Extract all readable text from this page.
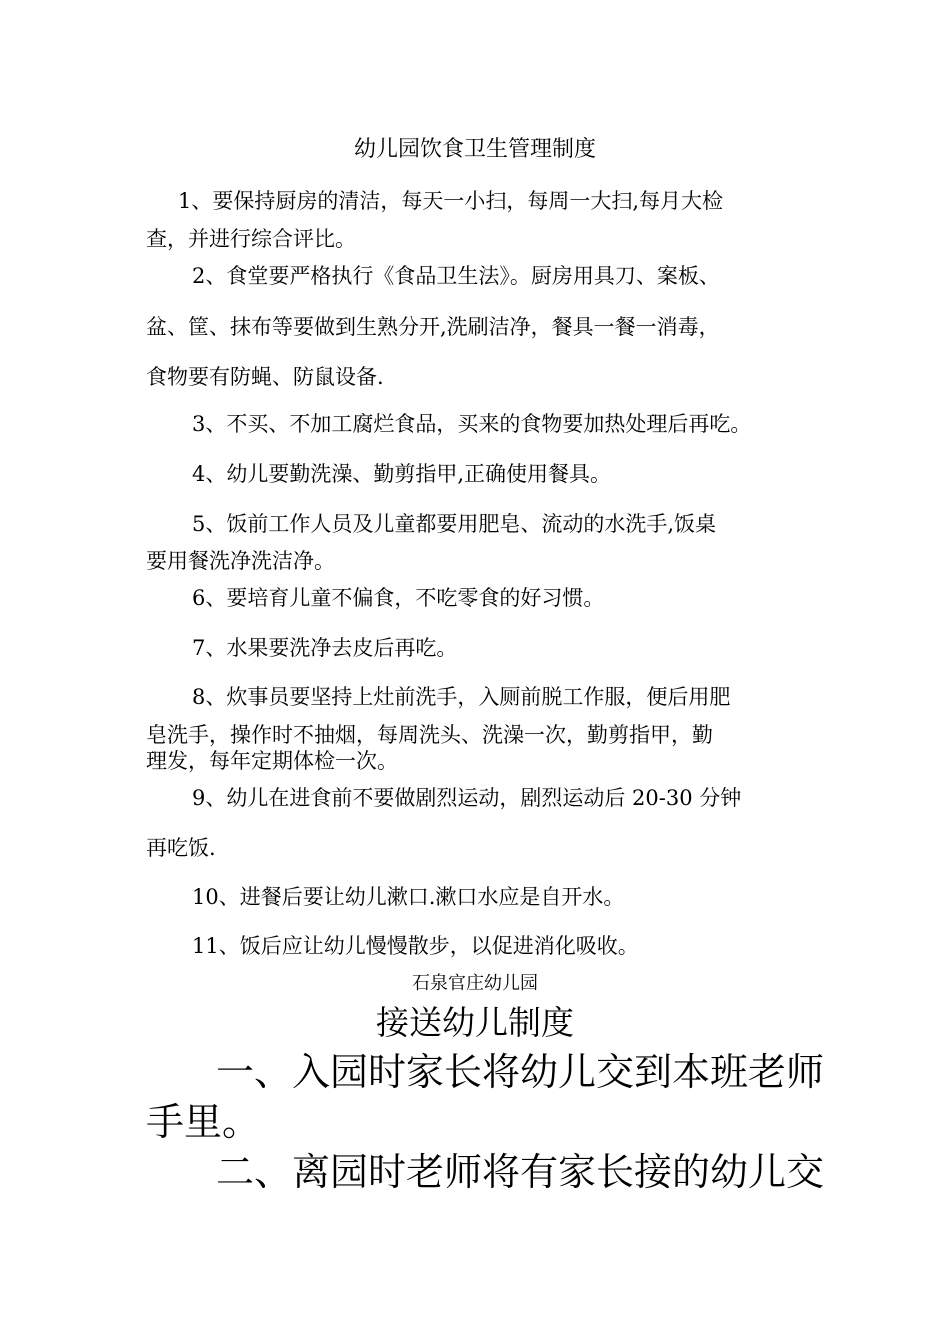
幼儿园饮食卫生管理制度
1、要保持厨房的清洁，每天一小扫，每周一大扫,每月大检
查，并进行综合评比。
2、食堂要严格执行《食品卫生法》。厨房用具刀、案板、
盆、筐、抹布等要做到生熟分开,洗刷洁净，餐具一餐一消毒，
食物要有防蝇、防鼠设备.
3、不买、不加工腐烂食品，买来的食物要加热处理后再吃。
4、幼儿要勤洗澡、勤剪指甲,正确使用餐具。
5、饭前工作人员及儿童都要用肥皂、流动的水洗手,饭桌
要用餐洗净洗洁净。
6、要培育儿童不偏食，不吃零食的好习惯。
7、水果要洗净去皮后再吃。
8、炊事员要坚持上灶前洗手，入厕前脱工作服，便后用肥
皂洗手，操作时不抽烟，每周洗头、洗澡一次，勤剪指甲，勤
理发，每年定期体检一次。
9、幼儿在进食前不要做剧烈运动，剧烈运动后 20-30 分钟
再吃饭.
10、进餐后要让幼儿漱口.漱口水应是自开水。
11、饭后应让幼儿慢慢散步，以促进消化吸收。
石泉官庄幼儿园
接送幼儿制度
一、入园时家长将幼儿交到本班老师
手里。
二、离园时老师将有家长接的幼儿交
